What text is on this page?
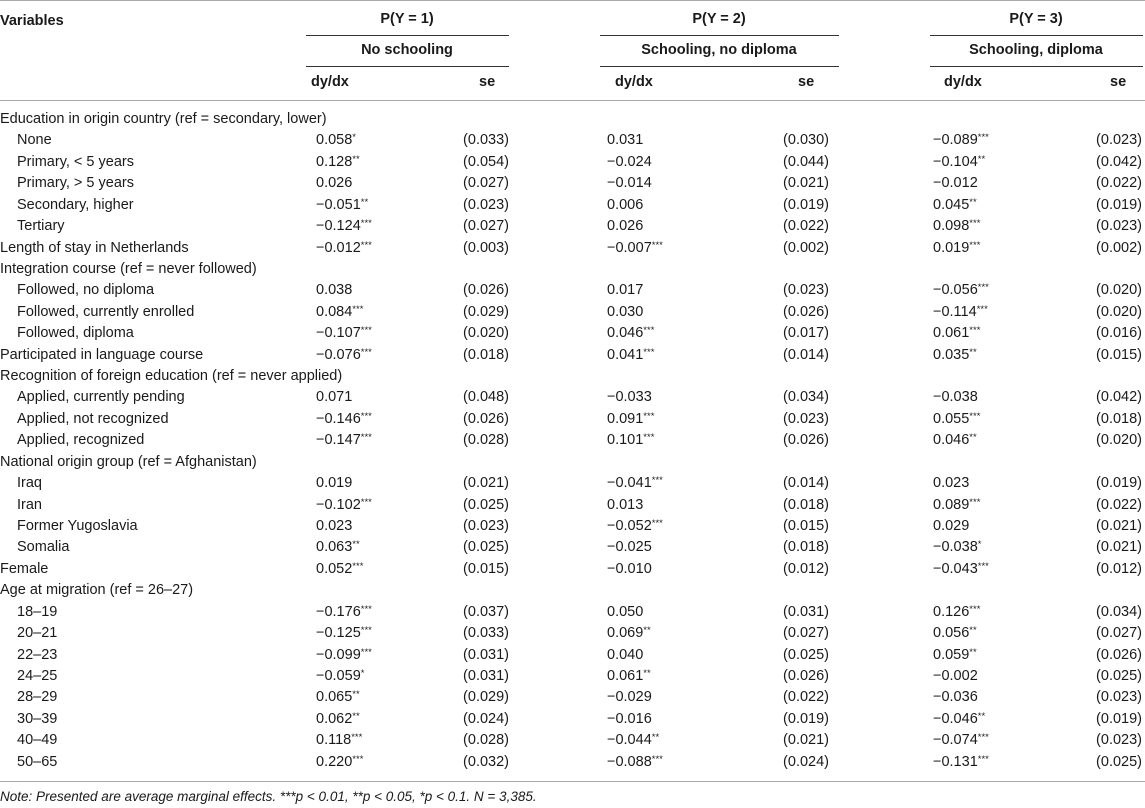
Variables	P(Y = 1)	P(Y = 2)	P(Y = 3)
No schooling	Schooling, no diploma	Schooling, diploma
dy/dx	se	dy/dx	se	dy/dx	se
Education in origin country (ref = secondary, lower)
None	0.058*	(0.033)	0.031	(0.030)	−0.089***	(0.023)
Primary, < 5 years	0.128**	(0.054)	−0.024	(0.044)	−0.104**	(0.042)
Primary, > 5 years	0.026	(0.027)	−0.014	(0.021)	−0.012	(0.022)
Secondary, higher	−0.051**	(0.023)	0.006	(0.019)	0.045**	(0.019)
Tertiary	−0.124***	(0.027)	0.026	(0.022)	0.098***	(0.023)
Length of stay in Netherlands	−0.012***	(0.003)	−0.007***	(0.002)	0.019***	(0.002)
Integration course (ref = never followed)
Followed, no diploma	0.038	(0.026)	0.017	(0.023)	−0.056***	(0.020)
Followed, currently enrolled	0.084***	(0.029)	0.030	(0.026)	−0.114***	(0.020)
Followed, diploma	−0.107***	(0.020)	0.046***	(0.017)	0.061***	(0.016)
Participated in language course	−0.076***	(0.018)	0.041***	(0.014)	0.035**	(0.015)
Recognition of foreign education (ref = never applied)
Applied, currently pending	0.071	(0.048)	−0.033	(0.034)	−0.038	(0.042)
Applied, not recognized	−0.146***	(0.026)	0.091***	(0.023)	0.055***	(0.018)
Applied, recognized	−0.147***	(0.028)	0.101***	(0.026)	0.046**	(0.020)
National origin group (ref = Afghanistan)
Iraq	0.019	(0.021)	−0.041***	(0.014)	0.023	(0.019)
Iran	−0.102***	(0.025)	0.013	(0.018)	0.089***	(0.022)
Former Yugoslavia	0.023	(0.023)	−0.052***	(0.015)	0.029	(0.021)
Somalia	0.063**	(0.025)	−0.025	(0.018)	−0.038*	(0.021)
Female	0.052***	(0.015)	−0.010	(0.012)	−0.043***	(0.012)
Age at migration (ref = 26–27)
18–19	−0.176***	(0.037)	0.050	(0.031)	0.126***	(0.034)
20–21	−0.125***	(0.033)	0.069**	(0.027)	0.056**	(0.027)
22–23	−0.099***	(0.031)	0.040	(0.025)	0.059**	(0.026)
24–25	−0.059*	(0.031)	0.061**	(0.026)	−0.002	(0.025)
28–29	0.065**	(0.029)	−0.029	(0.022)	−0.036	(0.023)
30–39	0.062**	(0.024)	−0.016	(0.019)	−0.046**	(0.019)
40–49	0.118***	(0.028)	−0.044**	(0.021)	−0.074***	(0.023)
50–65	0.220***	(0.032)	−0.088***	(0.024)	−0.131***	(0.025)
Note: Presented are average marginal effects. ***p < 0.01, **p < 0.05, *p < 0.1. N = 3,385.
